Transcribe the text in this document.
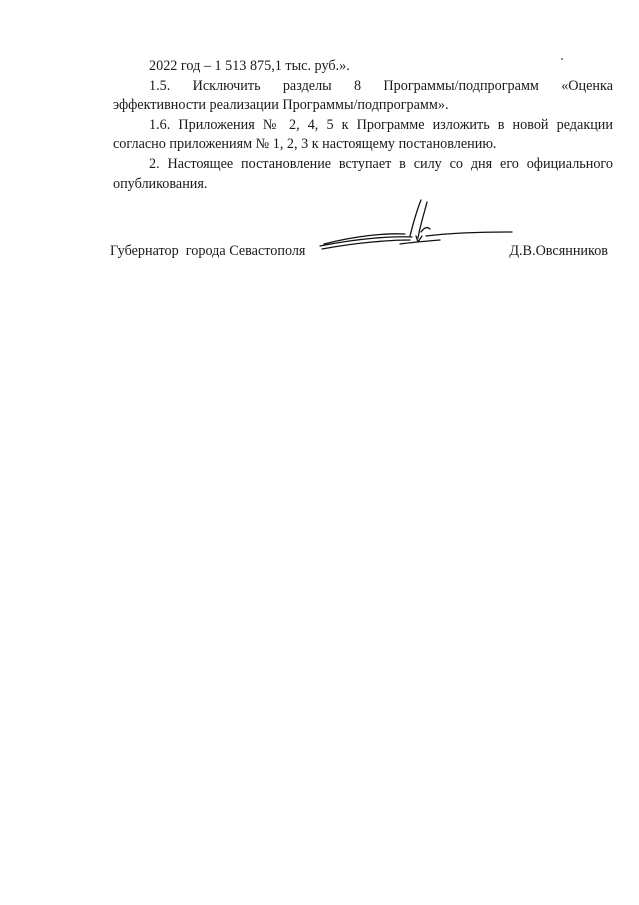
2022 год – 1 513 875,1 тыс. руб.».

1.5. Исключить разделы 8 Программы/подпрограмм «Оценка эффективности реализации Программы/подпрограмм».

1.6. Приложения № 2, 4, 5 к Программе изложить в новой редакции согласно приложениям № 1, 2, 3 к настоящему постановлению.

2. Настоящее постановление вступает в силу со дня его официального опубликования.

Губернатор  города Севастополя	Д.В.Овсянников
